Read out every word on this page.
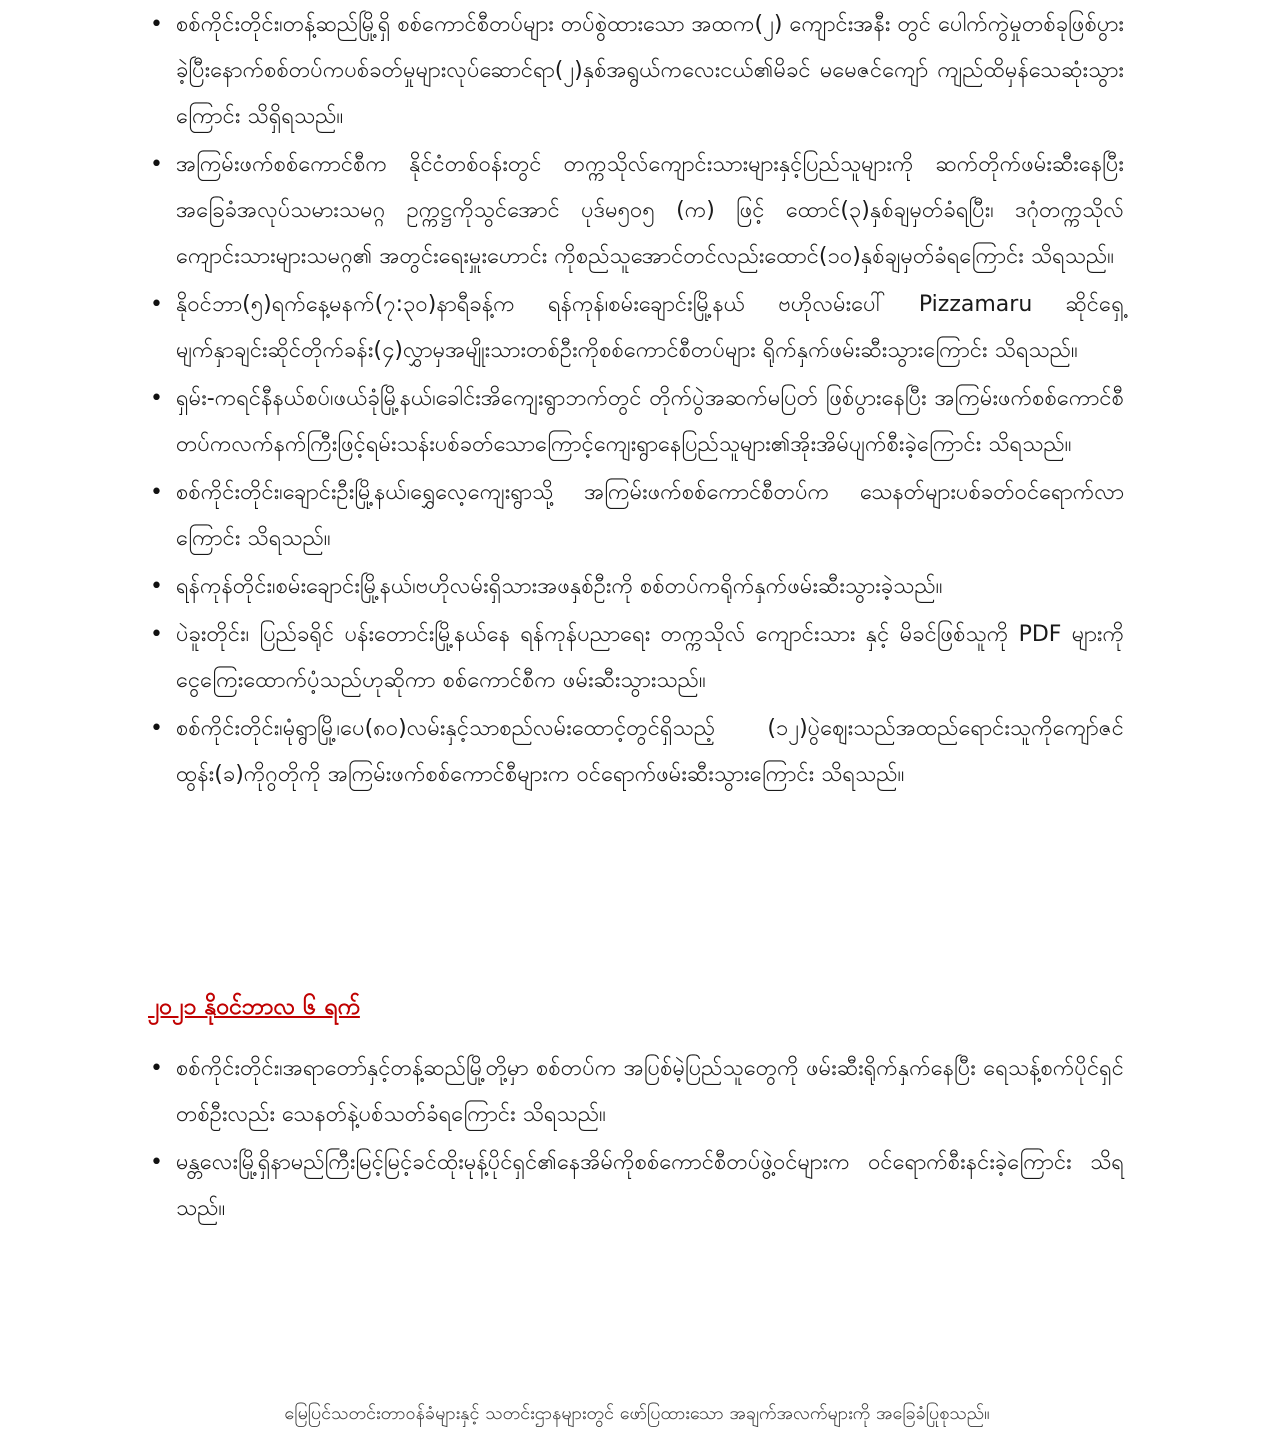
• စစ်ကိုင်းတိုင်း၊တန့်ဆည်မြို့ရှိ စစ်ကောင်စီတပ်များ တပ်စွဲထားသော အထက(၂) ကျောင်းအနီး တွင် ပေါက်ကွဲမှုတစ်ခုဖြစ်ပွားခဲ့ပြီးနောက်စစ်တပ်ကပစ်ခတ်မှုများလုပ်ဆောင်ရာ(၂)နှစ်အရွယ်ကလေးငယ်၏မိခင် မမေဇင်ကျော် ကျည်ထိမှန်သေဆုံးသွားကြောင်း သိရှိရသည်။
• အကြမ်းဖက်စစ်ကောင်စီက နိုင်ငံတစ်ဝန်းတွင် တက္ကသိုလ်ကျောင်းသားများနှင့်ပြည်သူများကို ဆက်တိုက်ဖမ်းဆီးနေပြီး အခြေခံအလုပ်သမားသမဂ္ဂ ဥက္ကဋ္ဌကိုသွင်အောင် ပုဒ်မ၅၀၅ (က) ဖြင့် ထောင်(၃)နှစ်ချမှတ်ခံရပြီး၊ ဒဂုံတက္ကသိုလ်ကျောင်းသားများသမဂ္ဂ၏ အတွင်းရေးမှူးဟောင်း ကိုစည်သူအောင်တင်လည်းထောင်(၁၀)နှစ်ချမှတ်ခံရကြောင်း သိရသည်။
• နိုဝင်ဘာ(၅)ရက်နေ့မနက်(၇:၃၀)နာရီခန့်က ရန်ကုန်၊စမ်းချောင်းမြို့နယ် ဗဟိုလမ်းပေါ် Pizzamaru ဆိုင်ရှေ့မျက်နှာချင်းဆိုင်တိုက်ခန်း(၄)လွှာမှအမျိုးသားတစ်ဦးကိုစစ်ကောင်စီတပ်များ ရိုက်နှက်ဖမ်းဆီးသွားကြောင်း သိရသည်။
• ရှမ်း-ကရင်နီနယ်စပ်၊ဖယ်ခုံမြို့နယ်၊ခေါင်းအိကျေးရွာဘက်တွင် တိုက်ပွဲအဆက်မပြတ် ဖြစ်ပွားနေပြီး အကြမ်းဖက်စစ်ကောင်စီတပ်ကလက်နက်ကြီးဖြင့်ရမ်းသန်းပစ်ခတ်သောကြောင့်ကျေးရွာနေပြည်သူများ၏အိုးအိမ်ပျက်စီးခဲ့ကြောင်း သိရသည်။
• စစ်ကိုင်းတိုင်း၊ချောင်းဦးမြို့နယ်၊ရွှေလေ့ကျေးရွာသို့ အကြမ်းဖက်စစ်ကောင်စီတပ်က သေနတ်များပစ်ခတ်ဝင်ရောက်လာကြောင်း သိရသည်။
• ရန်ကုန်တိုင်း၊စမ်းချောင်းမြို့နယ်၊ဗဟိုလမ်းရှိသားအဖနှစ်ဦးကို စစ်တပ်ကရိုက်နှက်ဖမ်းဆီးသွားခဲ့သည်။
• ပဲခူးတိုင်း၊ ပြည်ခရိုင် ပန်းတောင်းမြို့နယ်နေ ရန်ကုန်ပညာရေး တက္ကသိုလ် ကျောင်းသား နှင့် မိခင်ဖြစ်သူကို PDF များကို ငွေကြေးထောက်ပံ့သည်ဟုဆိုကာ စစ်ကောင်စီက ဖမ်းဆီးသွားသည်။
• စစ်ကိုင်းတိုင်း၊မုံရွာမြို့၊ပေ(၈၀)လမ်းနှင့်သာစည်လမ်းထောင့်တွင်ရှိသည့် (၁၂)ပွဲဈေးသည်အထည်ရောင်းသူကိုကျော်ဇင်ထွန်း(ခ)ကိုဂွတိုကို အကြမ်းဖက်စစ်ကောင်စီများက ဝင်ရောက်ဖမ်းဆီးသွားကြောင်း သိရသည်။
၂၀၂၁ နိုဝင်ဘာလ ၆ ရက်
• စစ်ကိုင်းတိုင်း၊အရာတော်နှင့်တန့်ဆည်မြို့တို့မှာ စစ်တပ်က အပြစ်မဲ့ပြည်သူတွေကို ဖမ်းဆီးရိုက်နှက်နေပြီး ရေသန့်စက်ပိုင်ရှင်တစ်ဦးလည်း သေနတ်နဲ့ပစ်သတ်ခံရကြောင်း သိရသည်။
• မန္တလေးမြို့ရှိနာမည်ကြီးမြင့်မြင့်ခင်ထိုးမုန့်ပိုင်ရှင်၏နေအိမ်ကိုစစ်ကောင်စီတပ်ဖွဲ့ဝင်များက ဝင်ရောက်စီးနင်းခဲ့ကြောင်း သိရသည်။
မြေပြင်သတင်းတာဝန်ခံများနှင့် သတင်းဌာနများတွင် ဖော်ပြထားသော အချက်အလက်များကို အခြေခံပြုစုသည်။
